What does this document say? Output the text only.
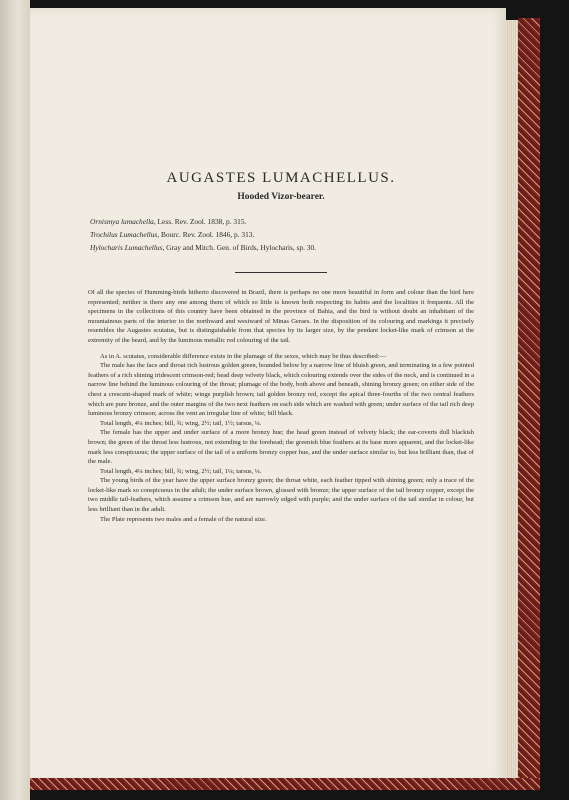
AUGASTES LUMACHELLUS.
Hooded Vizor-bearer.
Ornismya lumachella, Less. Rev. Zool. 1838, p. 315.
Trochilus Lumachellus, Bourc. Rev. Zool. 1846, p. 313.
Hylocharis Lumachellus, Gray and Mitch. Gen. of Birds, Hylocharis, sp. 30.

Of all the species of Humming-birds hitherto discovered in Brazil, there is perhaps no one more beautiful in form and colour than the bird here represented; neither is there any one among them of which so little is known both respecting its habits and the localities it frequents. All the specimens in the collections of this country have been obtained in the province of Bahia, and the bird is without doubt an inhabitant of the mountainous parts of the interior to the northward and westward of Minas Geraes. In the disposition of its colouring and markings it precisely resembles the Augastes scutatus, but is distinguishable from that species by its larger size, by the pendant locket-like mark of crimson at the extremity of the beard, and by the luminous metallic red colouring of the tail.

As in A. scutatus, considerable difference exists in the plumage of the sexes, which may be thus described:—

The male has the face and throat rich lustrous golden green, bounded below by a narrow line of bluish green, and terminating in a few pointed feathers of a rich shining iridescent crimson-red; head deep velvety black, which colouring extends over the sides of the neck, and is continued in a narrow line behind the luminous colouring of the throat; plumage of the body, both above and beneath, shining bronzy green; on either side of the chest a crescent-shaped mark of white; wings purplish brown; tail golden bronzy red, except the apical three-fourths of the two central feathers which are pure bronze, and the outer margins of the two next feathers on each side which are washed with green; under surface of the tail rich deep luminous bronzy crimson; across the vent an irregular line of white; bill black.

Total length, 4¼ inches; bill, ¾; wing, 2½; tail, 1½; tarsus, ¼.

The female has the upper and under surface of a more bronzy hue; the head green instead of velvety black; the ear-coverts dull blackish brown; the green of the throat less lustrous, not extending to the forehead; the greenish blue feathers at its base more apparent, and the locket-like mark less conspicuous; the upper surface of the tail of a uniform bronzy copper hue, and the under surface similar to, but less brilliant than, that of the male.

Total length, 4¼ inches; bill, ¾; wing, 2½; tail, 1¼; tarsus, ¼.

The young birds of the year have the upper surface bronzy green; the throat white, each feather tipped with shining green; only a trace of the locket-like mark so conspicuous in the adult; the under surface brown, glossed with bronze; the upper surface of the tail bronzy copper, except the two middle tail-feathers, which assume a crimson hue, and are narrowly edged with purple; and the under surface of the tail similar in colour, but less brilliant than in the adult.

The Plate represents two males and a female of the natural size.
